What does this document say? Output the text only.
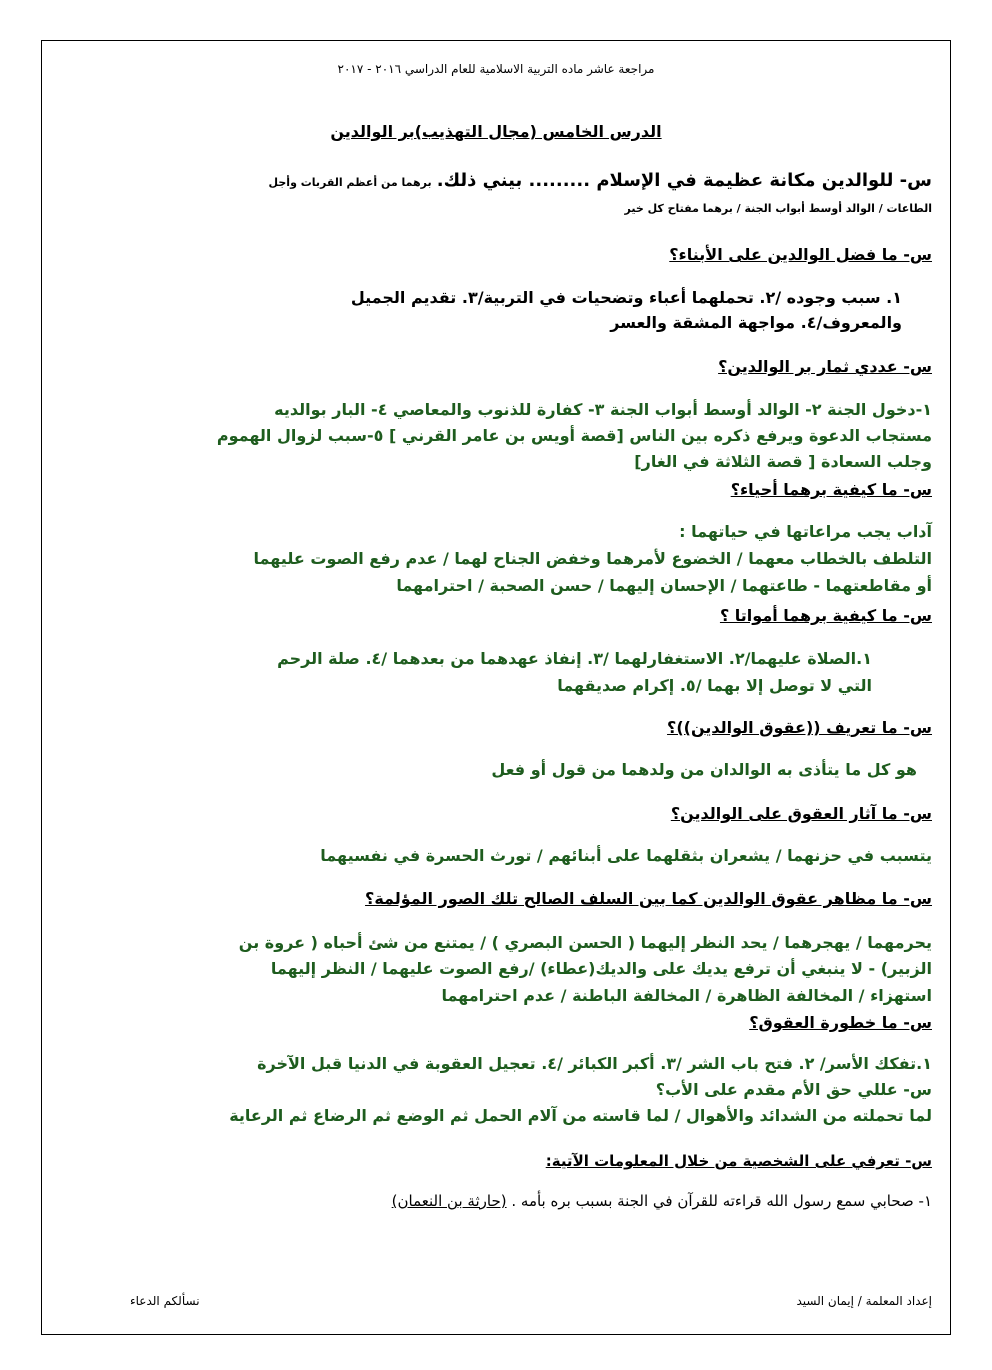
مراجعة عاشر ماده التربية الاسلامية للعام الدراسي ٢٠١٦ - ٢٠١٧
الدرس الخامس (مجال التهذيب)بر الوالدين
س- للوالدين مكانة عظيمة في الإسلام ......... بيني ذلك. برهما من أعظم القربات وأجل
الطاعات / الوالد أوسط أبواب الجنة / برهما مفتاح كل خير
س- ما فضل الوالدين على الأبناء؟
١. سبب وجوده /٢. تحملهما أعباء وتضحيات في التربية/٣. تقديم الجميل
والمعروف/٤. مواجهة المشقة والعسر
س- عددي ثمار بر الوالدين؟
١-دخول الجنة ٢- الوالد أوسط أبواب الجنة ٣- كفارة للذنوب والمعاصي ٤- البار بوالديه
مستجاب الدعوة ويرفع ذكره بين الناس [قصة أويس بن عامر القرني ] ٥-سبب لزوال الهموم
وجلب السعادة [ قصة الثلاثة في الغار]
س- ما كيفية برهما أحياء؟
آداب يجب مراعاتها في حياتهما :
التلطف بالخطاب معهما / الخضوع لأمرهما وخفض الجناح لهما / عدم رفع الصوت عليهما
أو مقاطعتهما - طاعتهما / الإحسان إليهما / حسن الصحبة / احترامهما
س- ما كيفية برهما أمواتا ؟
١.الصلاة عليهما/٢. الاستغفارلهما /٣. إنفاذ عهدهما من بعدهما /٤. صلة الرحم
التي لا توصل إلا بهما /٥. إكرام صديقهما
س- ما تعريف ((عقوق الوالدين))؟
هو كل ما يتأذى به الوالدان من ولدهما من قول أو فعل
س- ما آثار العقوق على الوالدين؟
يتسبب في حزنهما / يشعران بثقلهما على أبنائهم / تورث الحسرة في نفسيهما
س- ما مظاهر عقوق الوالدين كما بين السلف الصالح تلك الصور المؤلمة؟
يحرمهما / يهجرهما / يحد النظر إليهما ( الحسن البصري ) / يمتنع من شئ أحباه ( عروة بن
الزبير) - لا ينبغي أن ترفع يديك على والديك(عطاء) /رفع الصوت عليهما / النظر إليهما
استهزاء / المخالفة الظاهرة / المخالفة الباطنة / عدم احترامهما
س- ما خطورة العقوق؟
١.تفكك الأسر/ ٢. فتح باب الشر /٣. أكبر الكبائر /٤. تعجيل العقوبة في الدنيا قبل الآخرة
س- عللي حق الأم مقدم على الأب؟
لما تحملته من الشدائد والأهوال / لما قاسته من آلام الحمل ثم الوضع ثم الرضاع ثم الرعاية
س- تعرفي على الشخصية من خلال المعلومات الآتية:
١- صحابي سمع رسول الله قراءته للقرآن في الجنة بسبب بره بأمه . (حارثة بن النعمان)
إعداد المعلمة / إيمان السيد
نسألكم الدعاء
